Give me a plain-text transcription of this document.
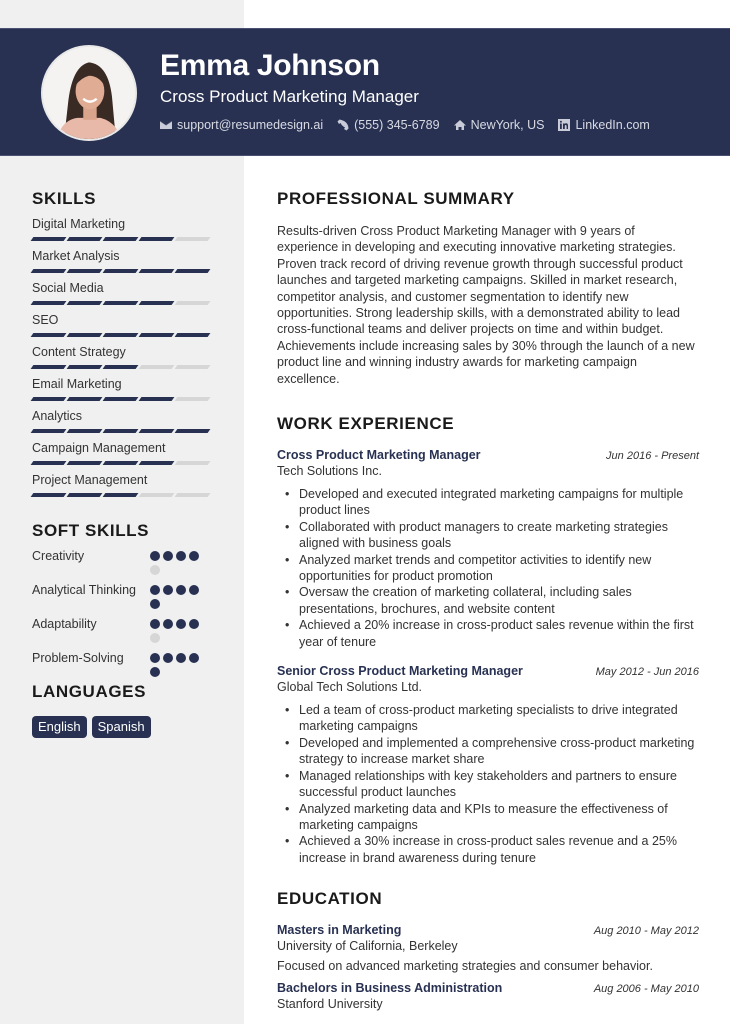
Emma Johnson
Cross Product Marketing Manager
support@resumedesign.ai (555) 345-6789 NewYork, US LinkedIn.com
SKILLS
Digital Marketing
Market Analysis
Social Media
SEO
Content Strategy
Email Marketing
Analytics
Campaign Management
Project Management
SOFT SKILLS
Creativity
Analytical Thinking
Adaptability
Problem-Solving
LANGUAGES
English	Spanish
PROFESSIONAL SUMMARY

Results-driven Cross Product Marketing Manager with 9 years of experience in developing and executing innovative marketing strategies. Proven track record of driving revenue growth through successful product launches and targeted marketing campaigns. Skilled in market research, competitor analysis, and customer segmentation to identify new opportunities. Strong leadership skills, with a demonstrated ability to lead cross-functional teams and deliver projects on time and within budget. Achievements include increasing sales by 30% through the launch of a new product line and winning industry awards for marketing campaign excellence.

WORK EXPERIENCE
Cross Product Marketing Manager	Jun 2016 - Present
Tech Solutions Inc.
• Developed and executed integrated marketing campaigns for multiple product lines
• Collaborated with product managers to create marketing strategies aligned with business goals
• Analyzed market trends and competitor activities to identify new opportunities for product promotion
• Oversaw the creation of marketing collateral, including sales presentations, brochures, and website content
• Achieved a 20% increase in cross-product sales revenue within the first year of tenure
Senior Cross Product Marketing Manager	May 2012 - Jun 2016
Global Tech Solutions Ltd.
• Led a team of cross-product marketing specialists to drive integrated marketing campaigns
• Developed and implemented a comprehensive cross-product marketing strategy to increase market share
• Managed relationships with key stakeholders and partners to ensure successful product launches
• Analyzed marketing data and KPIs to measure the effectiveness of marketing campaigns
• Achieved a 30% increase in cross-product sales revenue and a 25% increase in brand awareness during tenure
EDUCATION
Masters in Marketing	Aug 2010 - May 2012
University of California, Berkeley
Focused on advanced marketing strategies and consumer behavior.
Bachelors in Business Administration	Aug 2006 - May 2010
Stanford University
